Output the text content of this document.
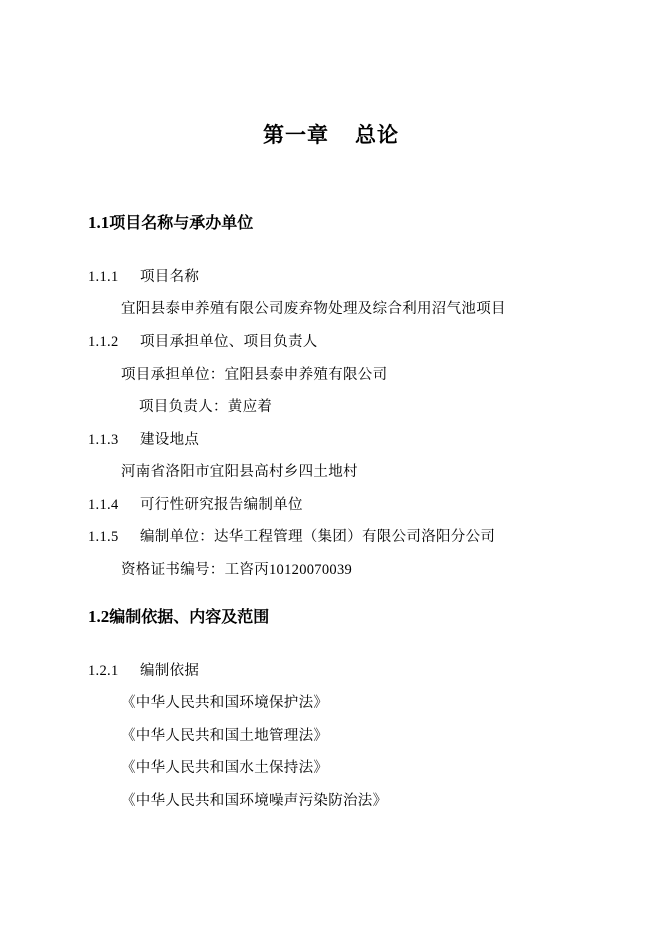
第一章 总论
1.1项目名称与承办单位
1.1.1 项目名称
宜阳县泰申养殖有限公司废弃物处理及综合利用沼气池项目
1.1.2 项目承担单位、项目负责人
项目承担单位：宜阳县泰申养殖有限公司
项目负责人：黄应着
1.1.3 建设地点
河南省洛阳市宜阳县高村乡四土地村
1.1.4 可行性研究报告编制单位
1.1.5 编制单位：达华工程管理（集团）有限公司洛阳分公司
资格证书编号：工咨丙10120070039
1.2编制依据、内容及范围
1.2.1 编制依据
《中华人民共和国环境保护法》
《中华人民共和国土地管理法》
《中华人民共和国水土保持法》
《中华人民共和国环境噪声污染防治法》
